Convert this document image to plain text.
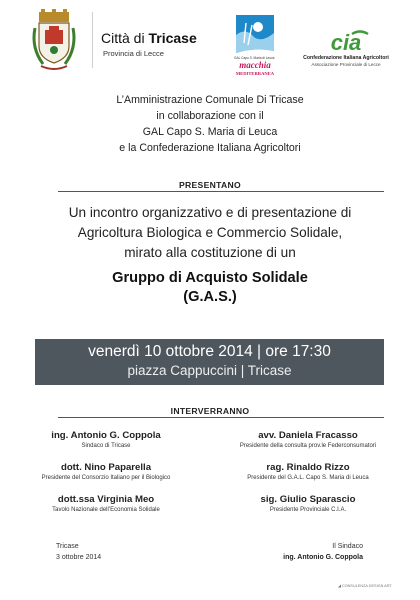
Città di Tricase
Provincia di Lecce	GAL Capo S. Maria di Leuca
macchia
MEDITERRANEA
cia
Confederazione Italiana Agricoltori
Associazione Provinciale di Lecce
L’Amministrazione Comunale Di Tricase
in collaborazione con il
GAL Capo S. Maria di Leuca
e la Confederazione Italiana Agricoltori
PRESENTANO
Un incontro organizzativo e di presentazione di
Agricoltura Biologica e Commercio Solidale,
mirato alla costituzione di un
Gruppo di Acquisto Solidale
(G.A.S.)
venerdì 10 ottobre 2014 | ore 17:30
piazza Cappuccini | Tricase
INTERVERRANNO
ing. Antonio G. Coppola
Sindaco di Tricase
avv. Daniela Fracasso
Presidente della consulta prov.le Federconsumatori
dott. Nino Paparella
Presidente del Consorzio Italiano per il Biologico
rag. Rinaldo Rizzo
Presidente del G.A.L. Capo S. Maria di Leuca
dott.ssa Virginia Meo
Tavolo Nazionale dell’Economia Solidale
sig. Giulio Sparascio
Presidente Provinciale C.I.A.
Tricase
3 ottobre 2014
Il Sindaco
ing. Antonio G. Coppola
◢ CONSULENZA DESIGN ART
